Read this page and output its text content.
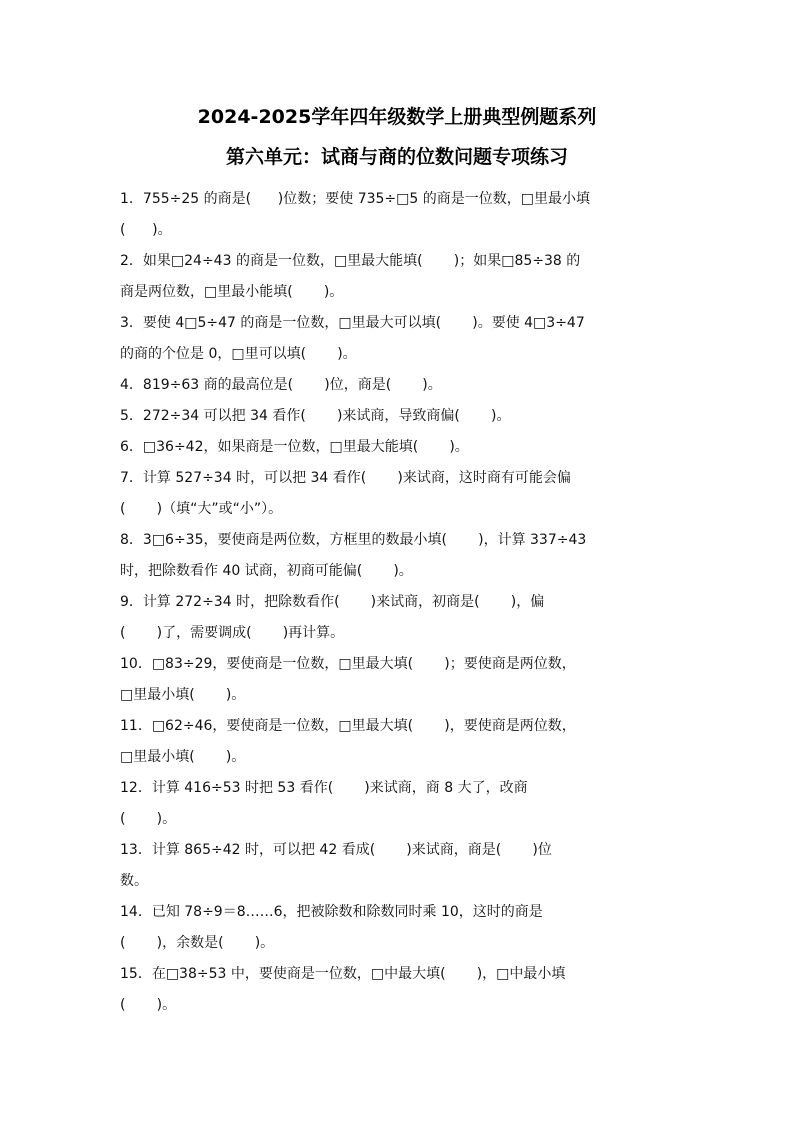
2024-2025学年四年级数学上册典型例题系列
第六单元：试商与商的位数问题专项练习
1．755÷25 的商是(      )位数；要使 735÷□5 的商是一位数，□里最小填
(      )。
2．如果□24÷43 的商是一位数，□里最大能填(       )；如果□85÷38 的
商是两位数，□里最小能填(       )。
3．要使 4□5÷47 的商是一位数，□里最大可以填(       )。要使 4□3÷47
的商的个位是 0，□里可以填(       )。
4．819÷63 商的最高位是(       )位，商是(       )。
5．272÷34 可以把 34 看作(       )来试商，导致商偏(       )。
6．□36÷42，如果商是一位数，□里最大能填(       )。
7．计算 527÷34 时，可以把 34 看作(       )来试商，这时商有可能会偏
(       )（填“大”或“小”）。
8．3□6÷35，要使商是两位数，方框里的数最小填(       )，计算 337÷43
时，把除数看作 40 试商，初商可能偏(       )。
9．计算 272÷34 时，把除数看作(       )来试商，初商是(       )，偏
(       )了，需要调成(       )再计算。
10．□83÷29，要使商是一位数，□里最大填(       )；要使商是两位数，
□里最小填(       )。
11．□62÷46，要使商是一位数，□里最大填(       )，要使商是两位数，
□里最小填(       )。
12．计算 416÷53 时把 53 看作(       )来试商，商 8 大了，改商
(       )。
13．计算 865÷42 时，可以把 42 看成(       )来试商，商是(       )位
数。
14．已知 78÷9＝8……6，把被除数和除数同时乘 10，这时的商是
(       )，余数是(       )。
15．在□38÷53 中，要使商是一位数，□中最大填(       )，□中最小填
(       )。
